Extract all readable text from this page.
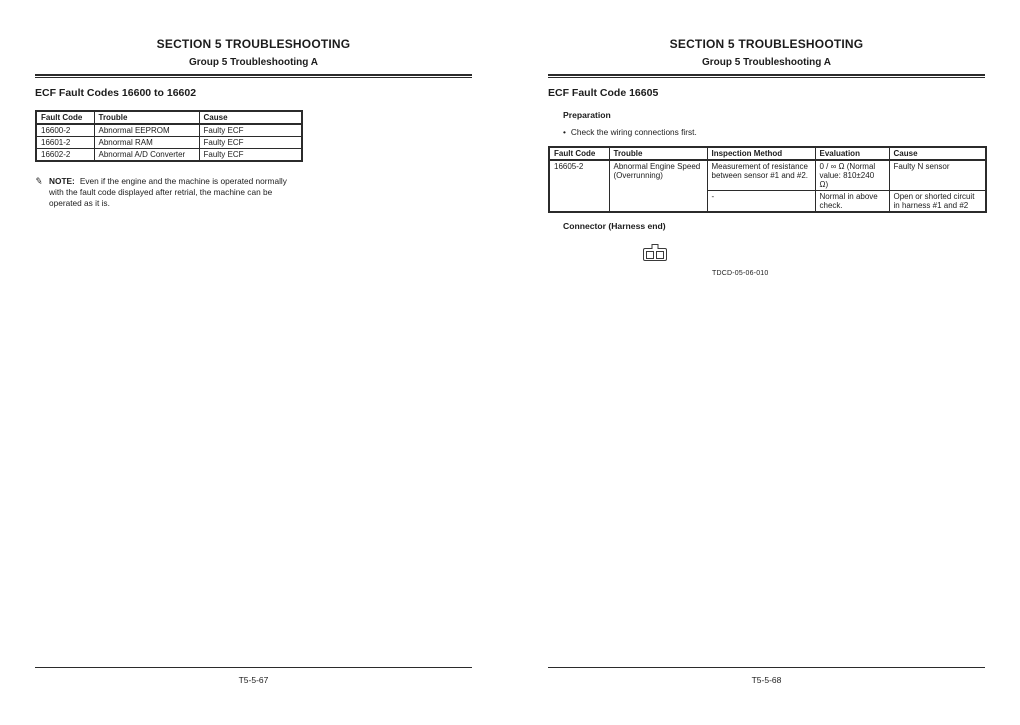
SECTION 5 TROUBLESHOOTING
Group 5 Troubleshooting A
ECF Fault Codes 16600 to 16602
Fault Code	Trouble	Cause
16600-2	Abnormal EEPROM	Faulty ECF
16601-2	Abnormal RAM	Faulty ECF
16602-2	Abnormal A/D Converter	Faulty ECF
✎ NOTE: Even if the engine and the machine is operated normally with the fault code displayed after retrial, the machine can be operated as it is.
T5-5-67
SECTION 5 TROUBLESHOOTING
Group 5 Troubleshooting A
ECF Fault Code 16605
Preparation
• Check the wiring connections first.
Fault Code	Trouble	Inspection Method	Evaluation	Cause
16605-2	Abnormal Engine Speed (Overrunning)	Measurement of resistance between sensor #1 and #2.	0 / ∞ Ω (Normal value: 810±240 Ω)	Faulty N sensor
		-	Normal in above check.	Open or shorted circuit in harness #1 and #2
Connector (Harness end)
TDCD-05-06-010
T5-5-68
